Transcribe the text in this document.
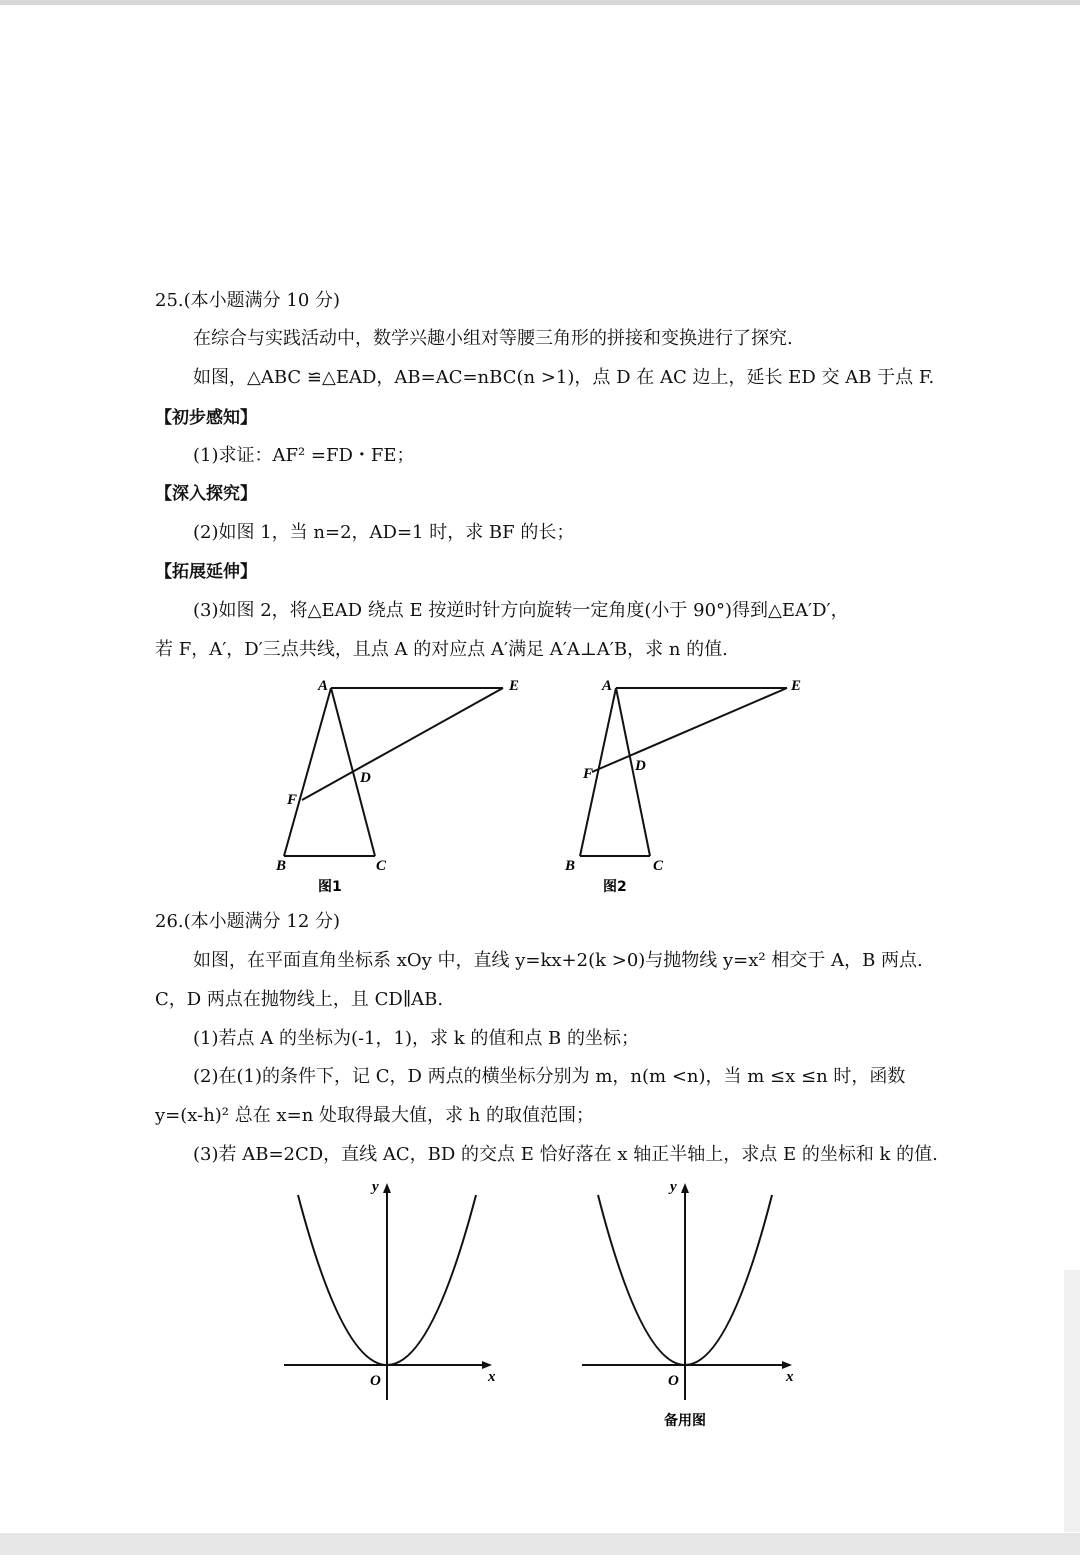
25.(本小题满分 10 分)
在综合与实践活动中，数学兴趣小组对等腰三角形的拼接和变换进行了探究.
如图，△ABC ≌△EAD，AB=AC=nBC(n >1)，点 D 在 AC 边上，延长 ED 交 AB 于点 F.
【初步感知】
(1)求证：AF² =FD・FE；
【深入探究】
(2)如图 1，当 n=2，AD=1 时，求 BF 的长；
【拓展延伸】
(3)如图 2，将△EAD 绕点 E 按逆时针方向旋转一定角度(小于 90°)得到△EA′D′，
若 F，A′，D′三点共线，且点 A 的对应点 A′满足 A′A⊥A′B，求 n 的值.
A	E
D
F
B	C
图1
A	E
D
F
B	C
图2
26.(本小题满分 12 分)
如图，在平面直角坐标系 xOy 中，直线 y=kx+2(k >0)与抛物线 y=x² 相交于 A，B 两点.
C，D 两点在抛物线上，且 CD∥AB.
(1)若点 A 的坐标为(-1，1)，求 k 的值和点 B 的坐标；
(2)在(1)的条件下，记 C，D 两点的横坐标分别为 m，n(m <n)，当 m ≤x ≤n 时，函数
y=(x-h)² 总在 x=n 处取得最大值，求 h 的取值范围；
(3)若 AB=2CD，直线 AC，BD 的交点 E 恰好落在 x 轴正半轴上，求点 E 的坐标和 k 的值.
y
x
O
y
x
O
备用图
